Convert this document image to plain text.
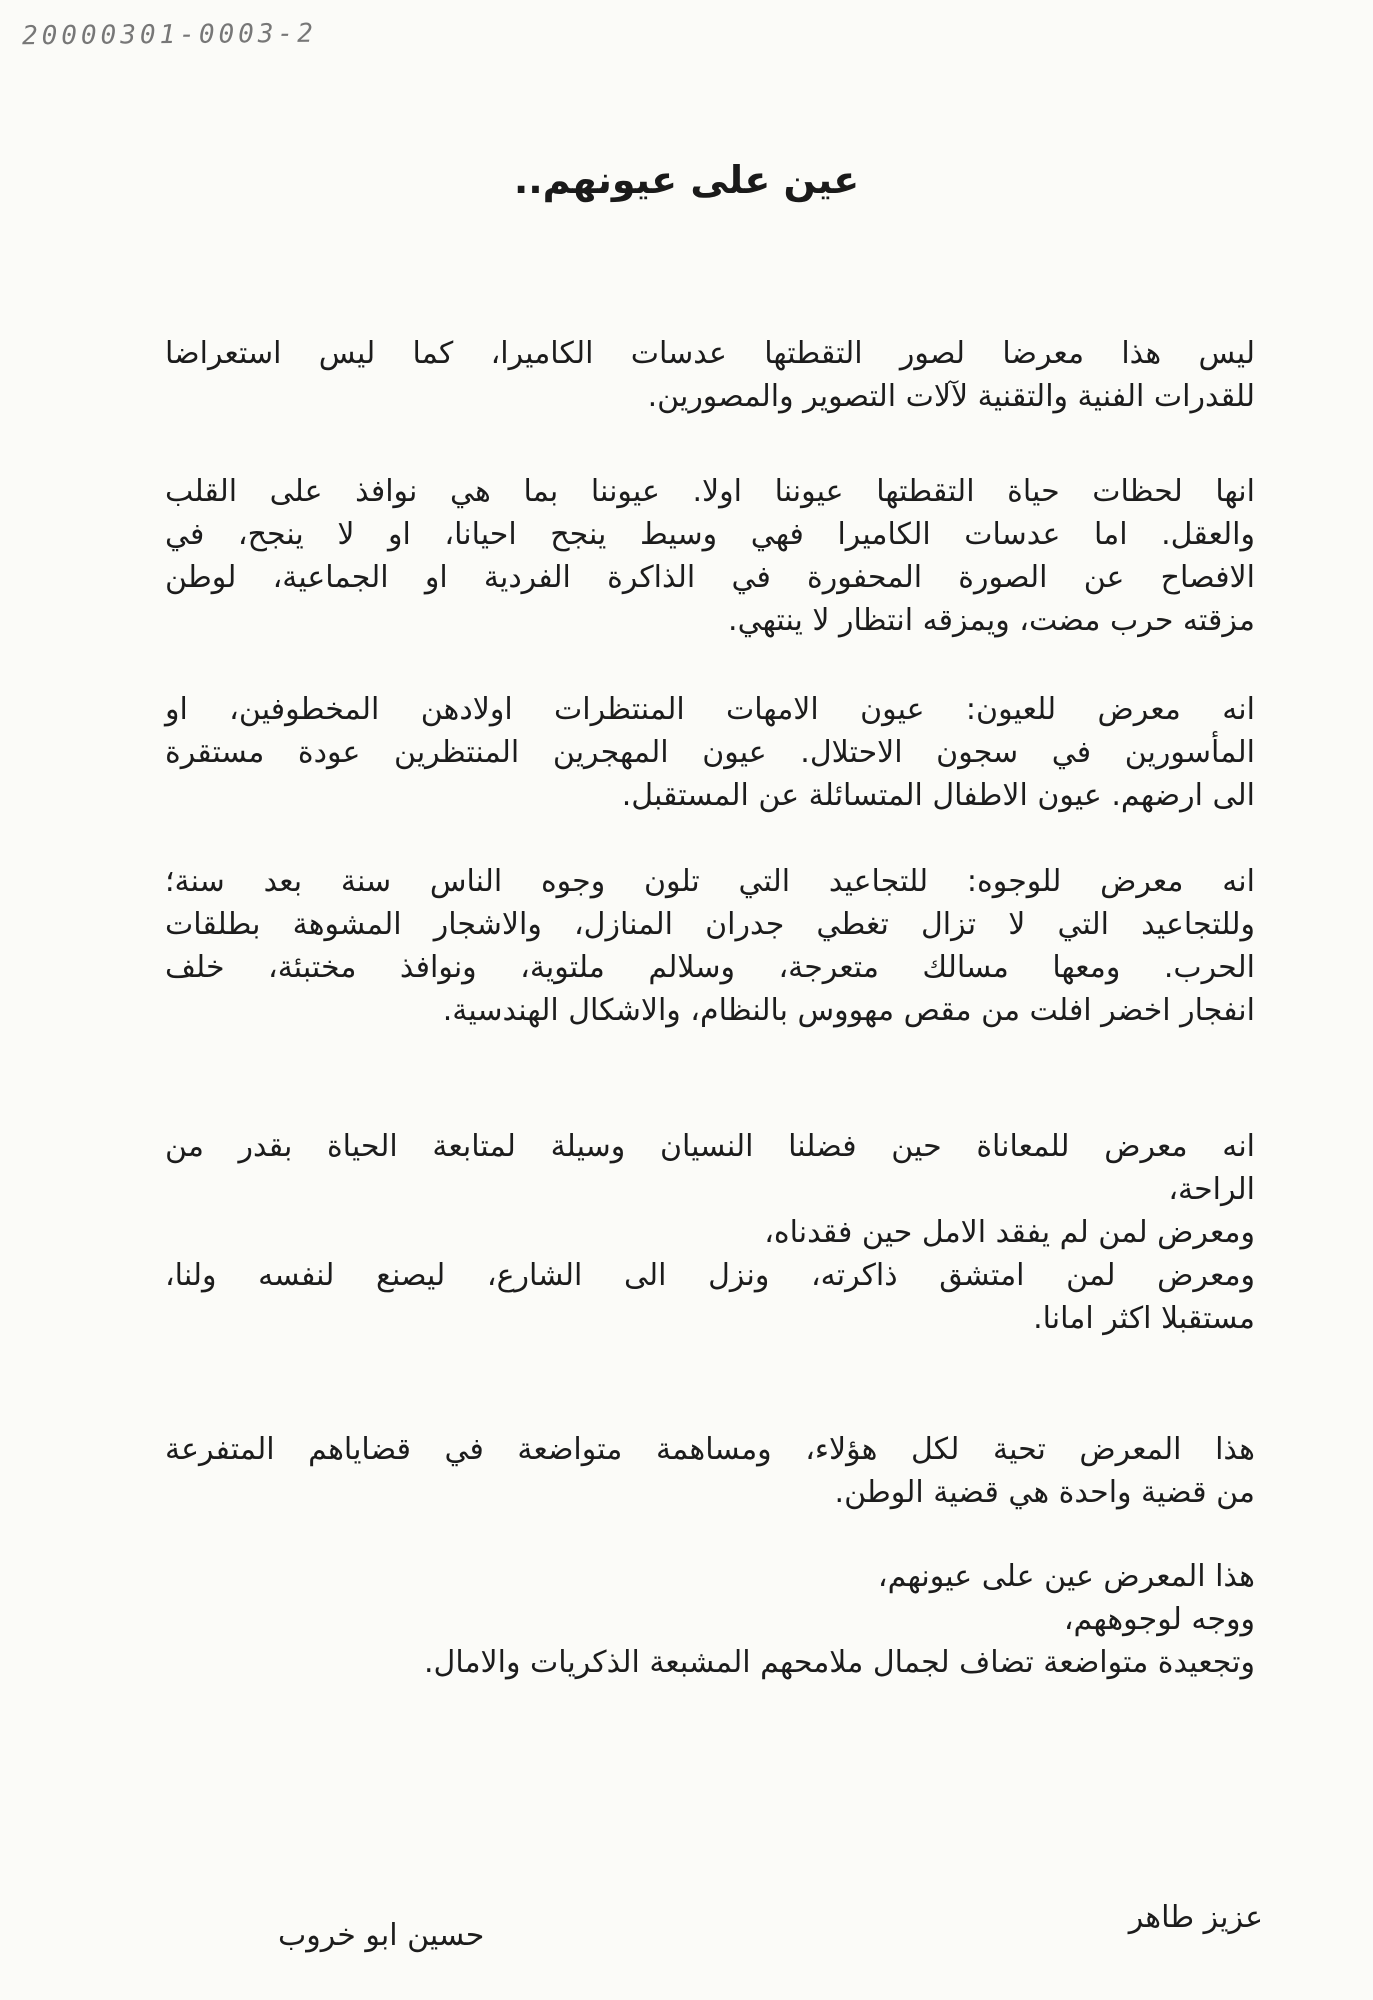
20000301-0003-2
عين على عيونهم..
ليس هذا معرضا لصور التقطتها عدسات الكاميرا، كما ليس استعراضا
للقدرات الفنية والتقنية لآلات التصوير والمصورين.
انها لحظات حياة التقطتها عيوننا اولا. عيوننا بما هي نوافذ على القلب
والعقل. اما عدسات الكاميرا فهي وسيط ينجح احيانا، او لا ينجح، في
الافصاح عن الصورة المحفورة في الذاكرة الفردية او الجماعية، لوطن
مزقته حرب مضت، ويمزقه انتظار لا ينتهي.
انه معرض للعيون: عيون الامهات المنتظرات اولادهن المخطوفين، او
المأسورين في سجون الاحتلال. عيون المهجرين المنتظرين عودة مستقرة
الى ارضهم. عيون الاطفال المتسائلة عن المستقبل.
انه معرض للوجوه: للتجاعيد التي تلون وجوه الناس سنة بعد سنة؛
وللتجاعيد التي لا تزال تغطي جدران المنازل، والاشجار المشوهة بطلقات
الحرب. ومعها مسالك متعرجة، وسلالم ملتوية، ونوافذ مختبئة، خلف
انفجار اخضر افلت من مقص مهووس بالنظام، والاشكال الهندسية.
انه معرض للمعاناة حين فضلنا النسيان وسيلة لمتابعة الحياة بقدر من
الراحة،
ومعرض لمن لم يفقد الامل حين فقدناه،
ومعرض لمن امتشق ذاكرته، ونزل الى الشارع، ليصنع لنفسه ولنا،
مستقبلا اكثر امانا.
هذا المعرض تحية لكل هؤلاء، ومساهمة متواضعة في قضاياهم المتفرعة
من قضية واحدة هي قضية الوطن.
هذا المعرض عين على عيونهم،
ووجه لوجوههم،
وتجعيدة متواضعة تضاف لجمال ملامحهم المشبعة الذكريات والامال.
عزيز طاهر
حسين ابو خروب
